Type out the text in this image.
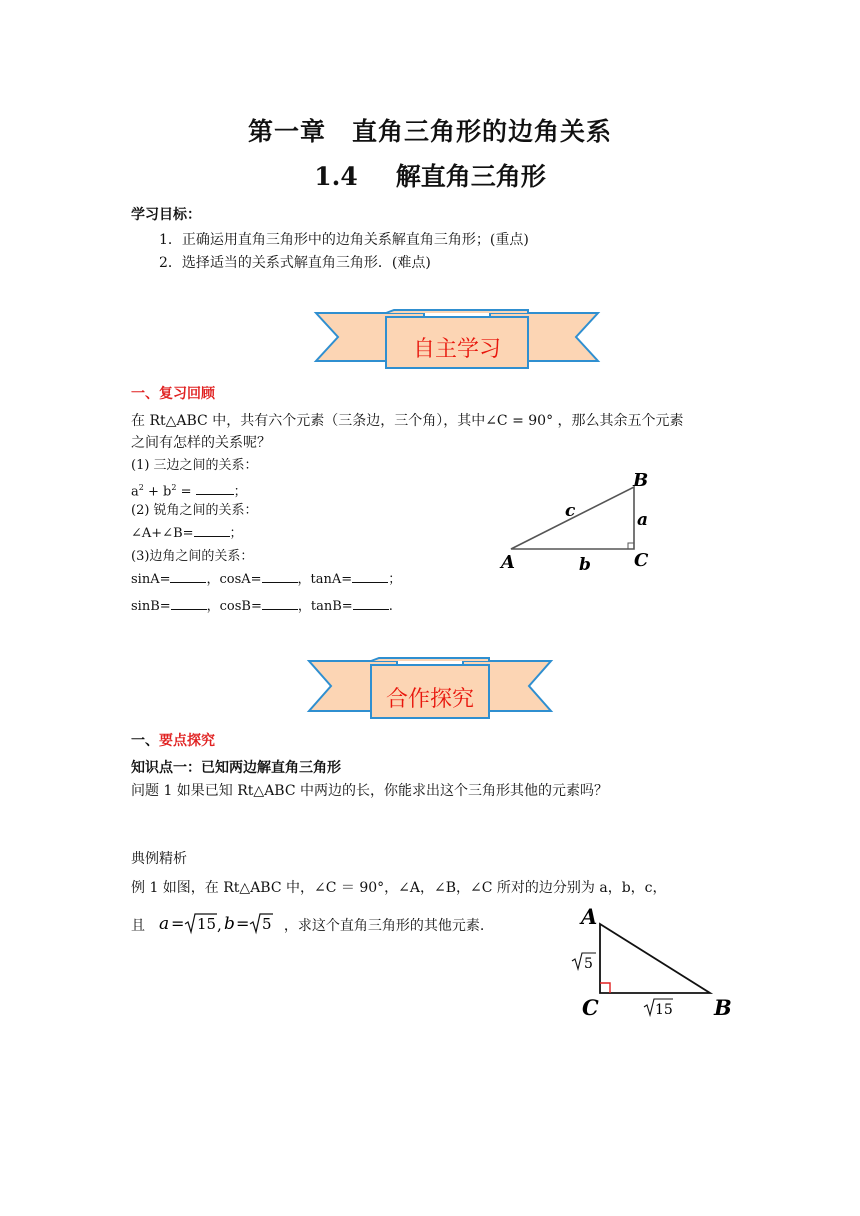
第一章　直角三角形的边角关系
1.4 解直角三角形
学习目标：
1．正确运用直角三角形中的边角关系解直角三角形；(重点)
2．选择适当的关系式解直角三角形．(难点)
自主学习
一、复习回顾
在 Rt△ABC 中，共有六个元素（三条边，三个角），其中∠C = 90° ，那么其余五个元素
之间有怎样的关系呢？
(1) 三边之间的关系：
$a^2 + b^2$ =	；
(2) 锐角之间的关系：
∠A+∠B=	；
(3)边角之间的关系：
sinA=	，cosA=	，tanA=	；
sinB=	，cosB=	，tanB=	.
B
c	a
A	b C
合作探究
一、要点探究
知识点一：已知两边解直角三角形
问题 1 如果已知 Rt△ABC 中两边的长，你能求出这个三角形其他的元素吗？
典例精析
例 1 如图，在 Rt△ABC 中，∠C ＝ 90°，∠A，∠B，∠C 所对的边分别为 a，b，c，
且 a = 15 , b = 5 ，求这个直角三角形的其他元素.	A
C	B
5
15
